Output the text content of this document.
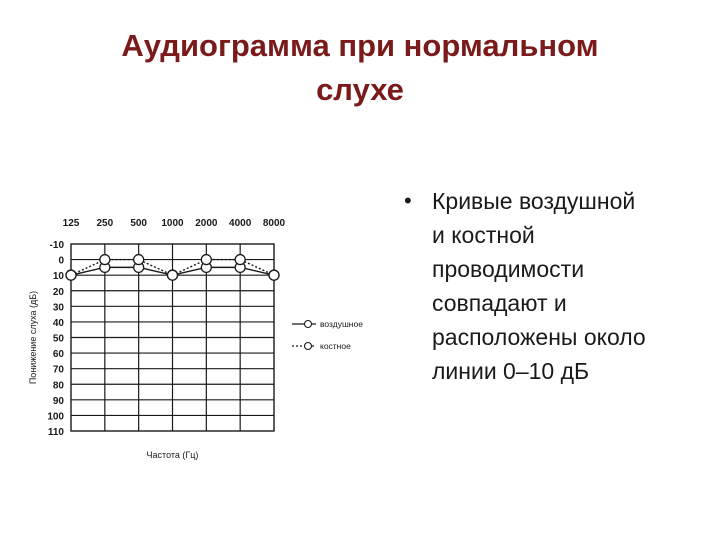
Аудиограмма при нормальном
слухе
125 250 500 1000 2000 4000 8000
-10
0
10
20
30
40
50
60
70
80
90
100
110
Понижение слуха (дБ)
Частота (Гц)
воздушное
костное
• Кривые воздушной
и костной
проводимости
совпадают и
расположены около
линии 0–10 дБ
